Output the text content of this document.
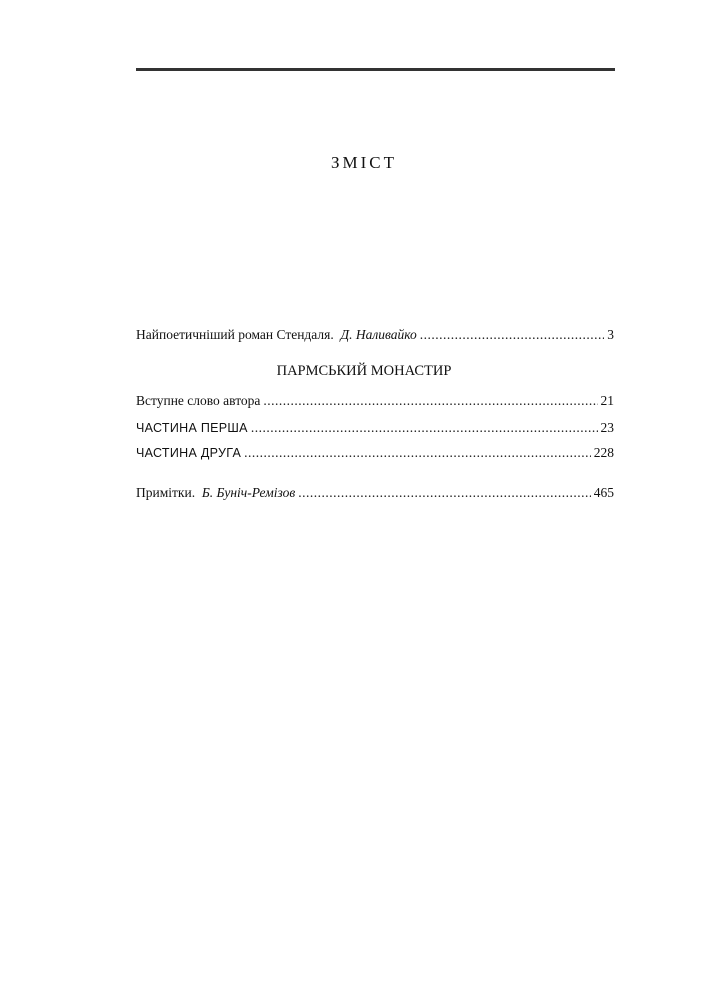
ЗМІСТ
Найпоетичніший роман Стендаля. Д. Наливайко .....	3
ПАРМСЬКИЙ МОНАСТИР
Вступне слово автора .....	21
ЧАСТИНА ПЕРША .....	23
ЧАСТИНА ДРУГА .....	228
Примітки. Б. Буніч-Ремізов .....	465
